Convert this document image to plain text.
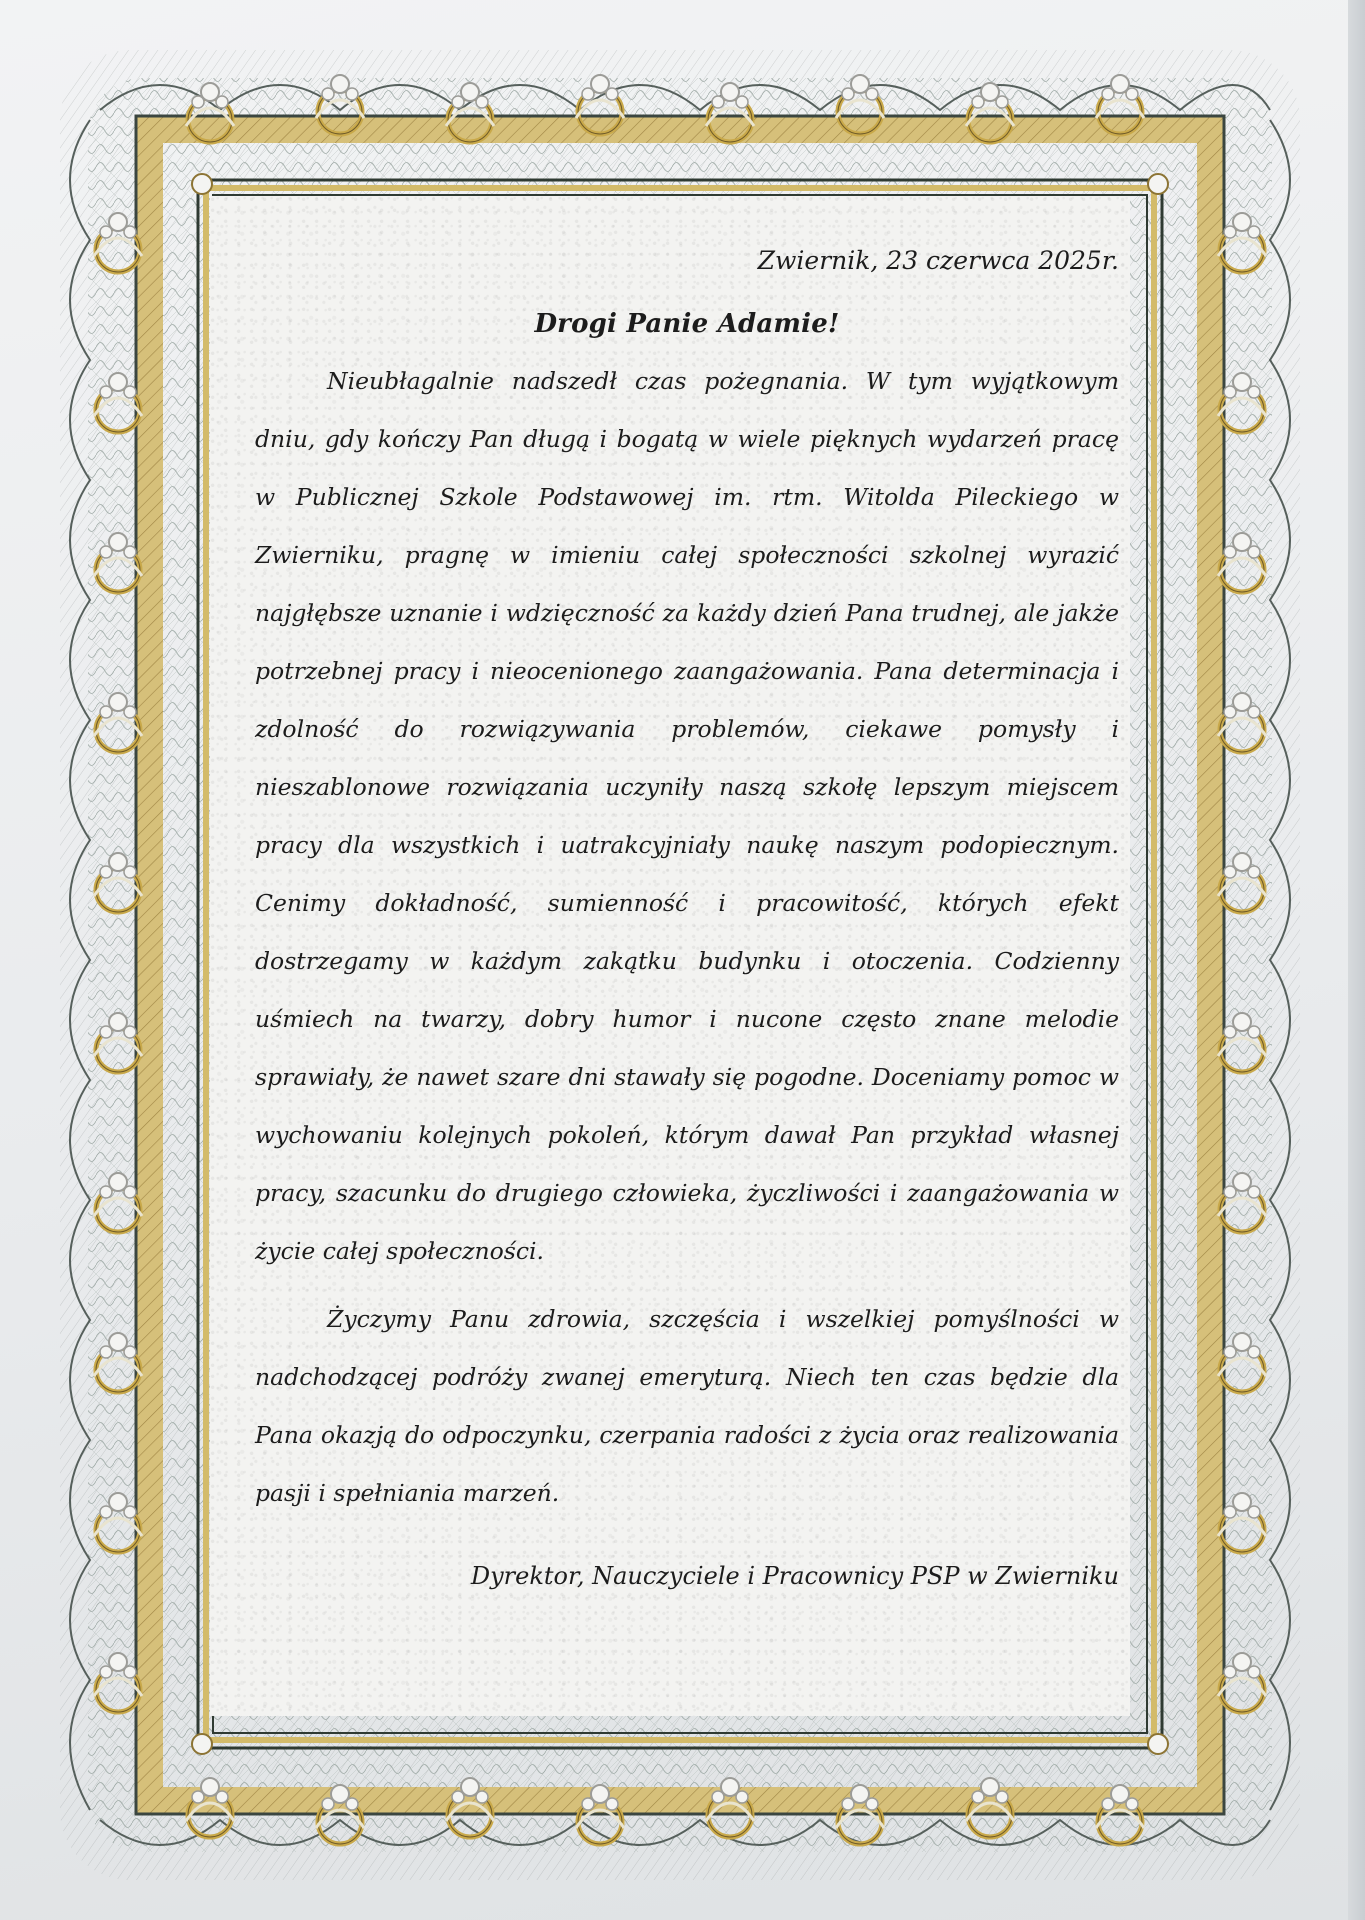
Zwiernik, 23 czerwca 2025r.

Drogi Panie Adamie!

Nieubłagalnie nadszedł czas pożegnania. W tym wyjątkowym dniu, gdy kończy Pan długą i bogatą w wiele pięknych wydarzeń pracę w Publicznej Szkole Podstawowej im. rtm. Witolda Pileckiego w Zwierniku, pragnę w imieniu całej społeczności szkolnej wyrazić najgłębsze uznanie i wdzięczność za każdy dzień Pana trudnej, ale jakże potrzebnej pracy i nieocenionego zaangażowania. Pana determinacja i zdolność do rozwiązywania problemów, ciekawe pomysły i nieszablonowe rozwiązania uczyniły naszą szkołę lepszym miejscem pracy dla wszystkich i uatrakcyjniały naukę naszym podopiecznym. Cenimy dokładność, sumienność i pracowitość, których efekt dostrzegamy w każdym zakątku budynku i otoczenia. Codzienny uśmiech na twarzy, dobry humor i nucone często znane melodie sprawiały, że nawet szare dni stawały się pogodne. Doceniamy pomoc w wychowaniu kolejnych pokoleń, którym dawał Pan przykład własnej pracy, szacunku do drugiego człowieka, życzliwości i zaangażowania w życie całej społeczności.

Życzymy Panu zdrowia, szczęścia i wszelkiej pomyślności w nadchodzącej podróży zwanej emeryturą. Niech ten czas będzie dla Pana okazją do odpoczynku, czerpania radości z życia oraz realizowania pasji i spełniania marzeń.

Dyrektor, Nauczyciele i Pracownicy PSP w Zwierniku
